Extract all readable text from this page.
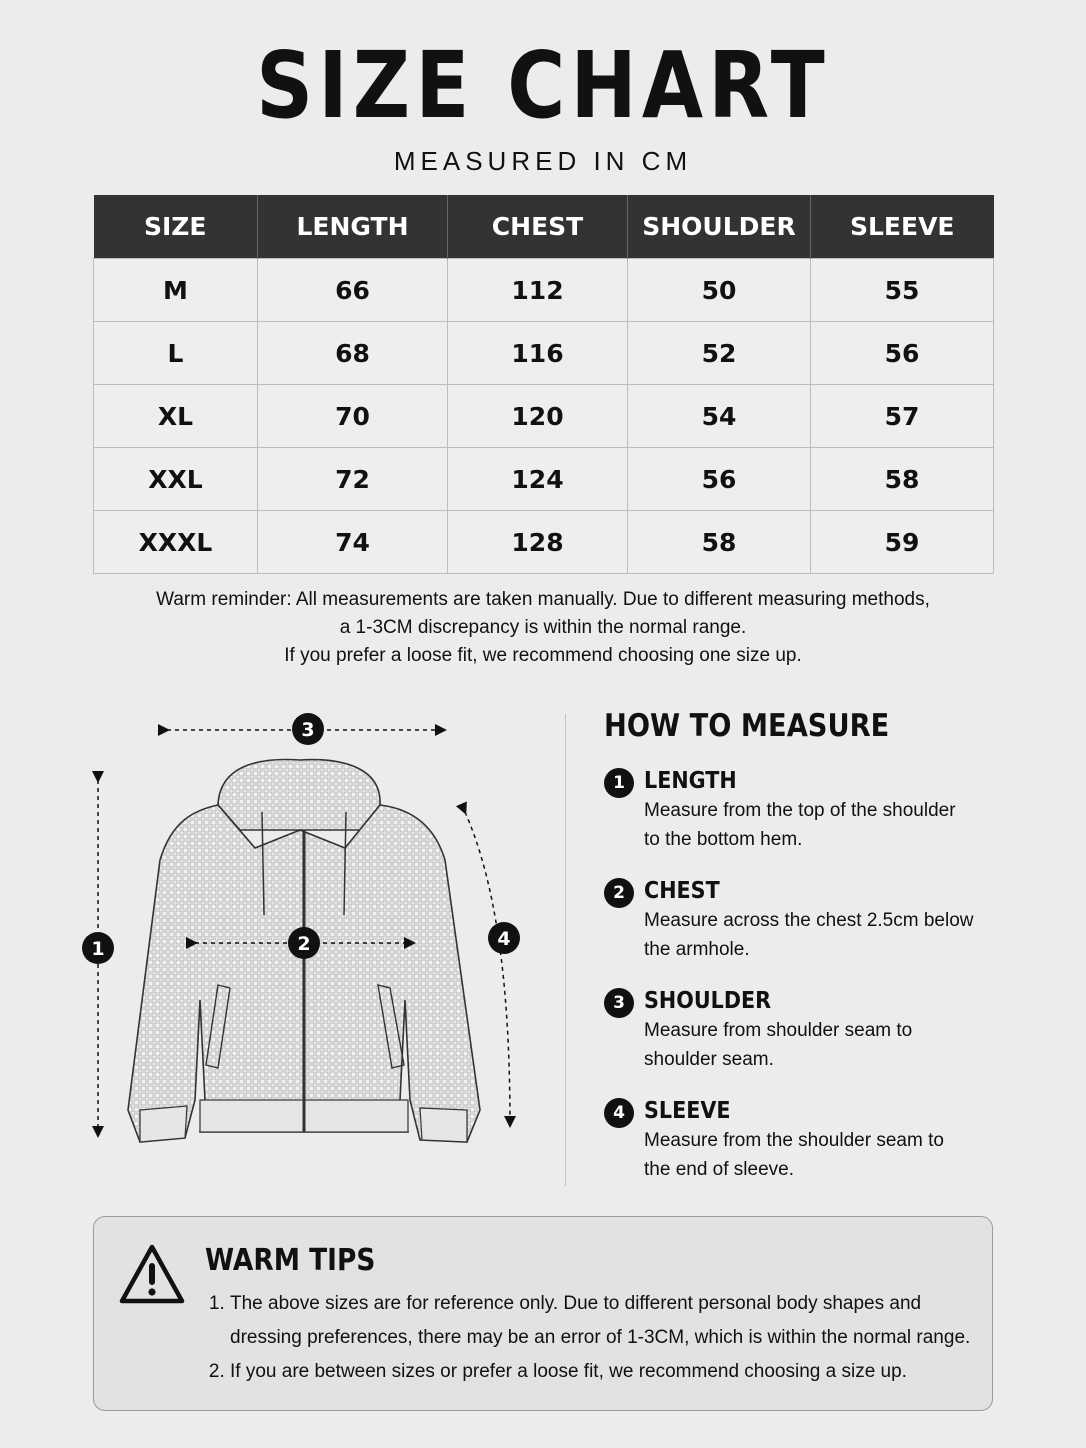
SIZE CHART
MEASURED IN CM
SIZE	LENGTH	CHEST	SHOULDER	SLEEVE
M	66	112	50	55
L	68	116	52	56
XL	70	120	54	57
XXL	72	124	56	58
XXXL	74	128	58	59
Warm reminder: All measurements are taken manually. Due to different measuring methods,
a 1-3CM discrepancy is within the normal range.
If you prefer a loose fit, we recommend choosing one size up.
1	2
3
4
HOW TO MEASURE
1 LENGTH
Measure from the top of the shoulder to the bottom hem.
2 CHEST
Measure across the chest 2.5cm below the armhole.
3 SHOULDER
Measure from shoulder seam to shoulder seam.
4 SLEEVE
Measure from the shoulder seam to the end of sleeve.
WARM TIPS
1. The above sizes are for reference only. Due to different personal body shapes and dressing preferences, there may be an error of 1-3CM, which is within the normal range.
2. If you are between sizes or prefer a loose fit, we recommend choosing a size up.
